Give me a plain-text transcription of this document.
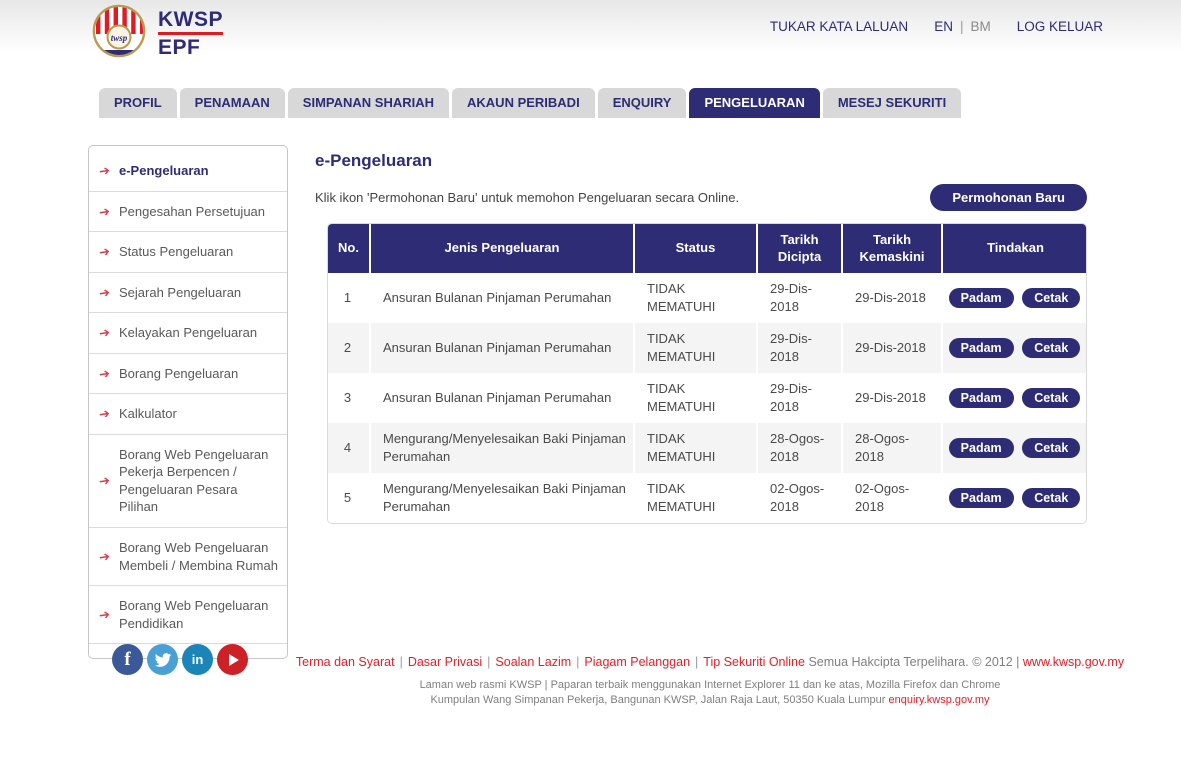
twsp
KWSP
EPF
TUKAR KATA LALUAN EN | BM LOG KELUAR
PROFIL	PENAMAAN	SIMPANAN SHARIAH	AKAUN PERIBADI	ENQUIRY	PENGELUARAN	MESEJ SEKURITI
➔ e-Pengeluaran
➔ Pengesahan Persetujuan
➔ Status Pengeluaran
➔ Sejarah Pengeluaran
➔ Kelayakan Pengeluaran
➔ Borang Pengeluaran
➔ Kalkulator
➔
Borang Web Pengeluaran Pekerja Berpencen / Pengeluaran Pesara Pilihan
➔
Borang Web Pengeluaran Membeli / Membina Rumah
➔
Borang Web Pengeluaran Pendidikan
f	in
e-Pengeluaran
Klik ikon 'Permohonan Baru' untuk memohon Pengeluaran secara Online.	Permohonan Baru
No.	Jenis Pengeluaran	Status	Tarikh Dicipta	Tarikh Kemaskini	Tindakan
1	Ansuran Bulanan Pinjaman Perumahan	TIDAK MEMATUHI	29-Dis-2018	29-Dis-2018	Padam Cetak
2	Ansuran Bulanan Pinjaman Perumahan	TIDAK MEMATUHI	29-Dis-2018	29-Dis-2018	Padam Cetak
3	Ansuran Bulanan Pinjaman Perumahan	TIDAK MEMATUHI	29-Dis-2018	29-Dis-2018	Padam Cetak
4	Mengurang/Menyelesaikan Baki Pinjaman Perumahan	TIDAK MEMATUHI	28-Ogos-2018	28-Ogos-2018	Padam Cetak
5	Mengurang/Menyelesaikan Baki Pinjaman Perumahan	TIDAK MEMATUHI	02-Ogos-2018	02-Ogos-2018	Padam Cetak
Terma dan Syarat | Dasar Privasi | Soalan Lazim | Piagam Pelanggan | Tip Sekuriti Online Semua Hakcipta Terpelihara. © 2012 | www.kwsp.gov.my
Laman web rasmi KWSP | Paparan terbaik menggunakan Internet Explorer 11 dan ke atas, Mozilla Firefox dan Chrome
Kumpulan Wang Simpanan Pekerja, Bangunan KWSP, Jalan Raja Laut, 50350 Kuala Lumpur enquiry.kwsp.gov.my
